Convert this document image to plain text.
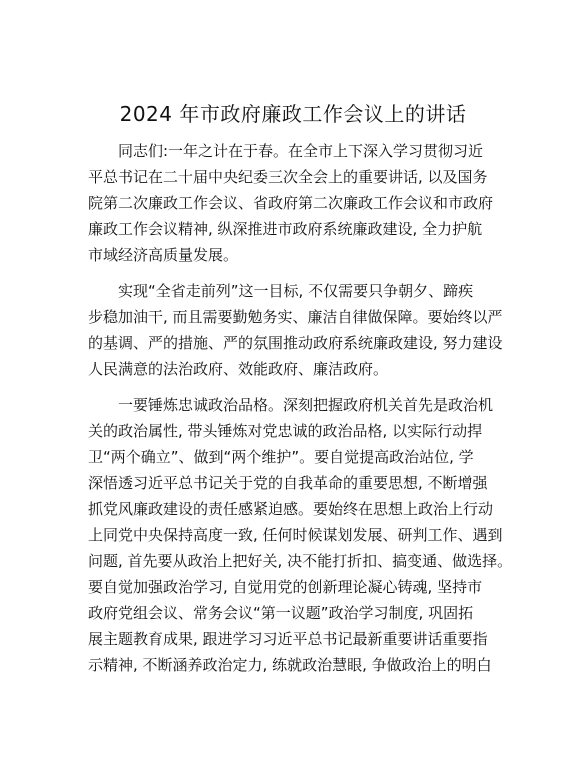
2024 年市政府廉政工作会议上的讲话
同志们:一年之计在于春。在全市上下深入学习贯彻习近
平总书记在二十届中央纪委三次全会上的重要讲话, 以及国务
院第二次廉政工作会议、省政府第二次廉政工作会议和市政府
廉政工作会议精神, 纵深推进市政府系统廉政建设, 全力护航
市域经济高质量发展。
实现“全省走前列”这一目标, 不仅需要只争朝夕、蹄疾
步稳加油干, 而且需要勤勉务实、廉洁自律做保障。要始终以严
的基调、严的措施、严的氛围推动政府系统廉政建设, 努力建设
人民满意的法治政府、效能政府、廉洁政府。
一要锤炼忠诚政治品格。深刻把握政府机关首先是政治机
关的政治属性, 带头锤炼对党忠诚的政治品格, 以实际行动捍
卫“两个确立”、做到“两个维护”。要自觉提高政治站位, 学
深悟透习近平总书记关于党的自我革命的重要思想, 不断增强
抓党风廉政建设的责任感紧迫感。要始终在思想上政治上行动
上同党中央保持高度一致, 任何时候谋划发展、研判工作、遇到
问题, 首先要从政治上把好关, 决不能打折扣、搞变通、做选择。
要自觉加强政治学习, 自觉用党的创新理论凝心铸魂, 坚持市
政府党组会议、常务会议“第一议题”政治学习制度, 巩固拓
展主题教育成果, 跟进学习习近平总书记最新重要讲话重要指
示精神, 不断涵养政治定力, 练就政治慧眼, 争做政治上的明白
